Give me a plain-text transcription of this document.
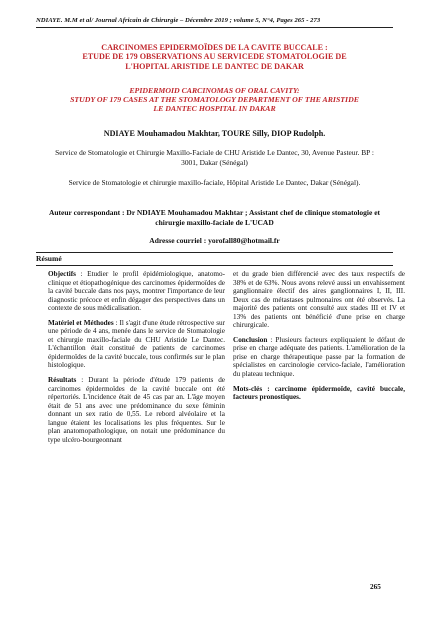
NDIAYE. M.M et al/ Journal Africain de Chirurgie – Décembre 2019 ; volume 5, N°4, Pages 265 - 273
CARCINOMES EPIDERMOÏDES DE LA CAVITE BUCCALE :
ETUDE DE 179 OBSERVATIONS AU SERVICEDE STOMATOLOGIE DE
L'HOPITAL ARISTIDE LE DANTEC DE DAKAR
EPIDERMOID CARCINOMAS OF ORAL CAVITY:
STUDY OF 179 CASES AT THE STOMATOLOGY DEPARTMENT OF THE ARISTIDE
LE DANTEC HOSPITAL IN DAKAR
NDIAYE Mouhamadou Makhtar, TOURE Silly, DIOP Rudolph.
Service de Stomatologie et Chirurgie Maxillo-Faciale de CHU Aristide Le Dantec, 30, Avenue Pasteur. BP : 3001, Dakar (Sénégal)
Service de Stomatologie et chirurgie maxillo-faciale, Hôpital Aristide Le Dantec, Dakar (Sénégal).
Auteur correspondant : Dr NDIAYE Mouhamadou Makhtar ; Assistant chef de clinique stomatologie et chirurgie maxillo-faciale de L'UCAD
Adresse courriel : yorofall80@hotmail.fr
Résumé

Objectifs : Etudier le profil épidémiologique, anatomo-clinique et étiopathogénique des carcinomes épidermoïdes de la cavité buccale dans nos pays, montrer l'importance de leur diagnostic précoce et enfin dégager des perspectives dans un contexte de sous médicalisation.

Matériel et Méthodes : Il s'agit d'une étude rétrospective sur une période de 4 ans, menée dans le service de Stomatologie et chirurgie maxillo-faciale du CHU Aristide Le Dantec. L'échantillon était constitué de patients de carcinomes épidermoïdes de la cavité buccale, tous confirmés sur le plan histologique.

Résultats : Durant la période d'étude 179 patients de carcinomes épidermoïdes de la cavité buccale ont été répertoriés. L'incidence était de 45 cas par an. L'âge moyen était de 51 ans avec une prédominance du sexe féminin donnant un sex ratio de 0,55. Le rebord alvéolaire et la langue étaient les localisations les plus fréquentes. Sur le plan anatomopathologique, on notait une prédominance du type ulcéro-bourgeonnant

et du grade bien différencié avec des taux respectifs de 38% et de 63%. Nous avons relevé aussi un envahissement ganglionnaire électif des aires ganglionnaires I, II, III. Deux cas de métastases pulmonaires ont été observés. La majorité des patients ont consulté aux stades III et IV et 13% des patients ont bénéficié d'une prise en charge chirurgicale.

Conclusion : Plusieurs facteurs expliquaient le défaut de prise en charge adéquate des patients. L'amélioration de la prise en charge thérapeutique passe par la formation de spécialistes en carcinologie cervico-faciale, l'amélioration du plateau technique.

Mots-clés : carcinome épidermoïde, cavité buccale, facteurs pronostiques.

265
